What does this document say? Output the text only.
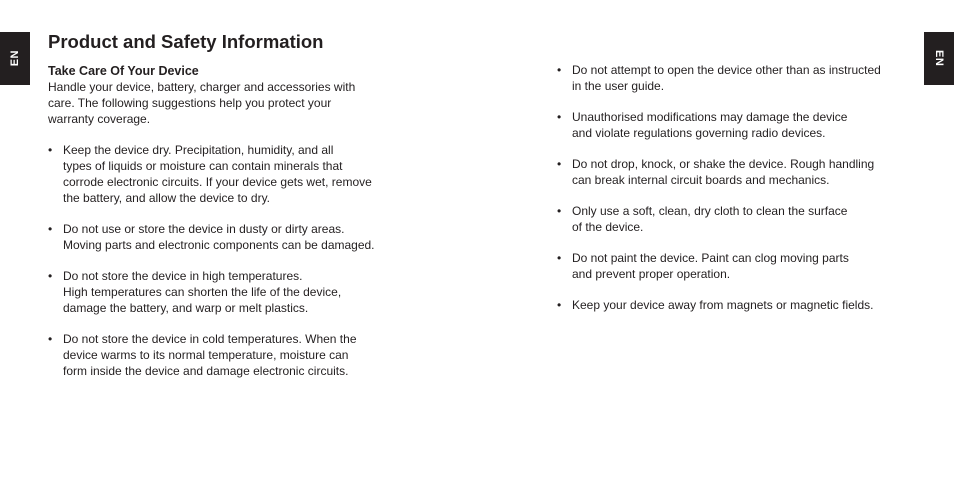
EN	EN
Product and Safety Information

Take Care Of Your Device

Handle your device, battery, charger and accessories with
care. The following suggestions help you protect your
warranty coverage.

• Keep the device dry. Precipitation, humidity, and all
types of liquids or moisture can contain minerals that
corrode electronic circuits. If your device gets wet, remove
the battery, and allow the device to dry.
• Do not use or store the device in dusty or dirty areas.
Moving parts and electronic components can be damaged.
• Do not store the device in high temperatures.
High temperatures can shorten the life of the device,
damage the battery, and warp or melt plastics.
• Do not store the device in cold temperatures. When the
device warms to its normal temperature, moisture can
form inside the device and damage electronic circuits.
• Do not attempt to open the device other than as instructed
in the user guide.
• Unauthorised modifications may damage the device
and violate regulations governing radio devices.
• Do not drop, knock, or shake the device. Rough handling
can break internal circuit boards and mechanics.
• Only use a soft, clean, dry cloth to clean the surface
of the device.
• Do not paint the device. Paint can clog moving parts
and prevent proper operation.
• Keep your device away from magnets or magnetic fields.
